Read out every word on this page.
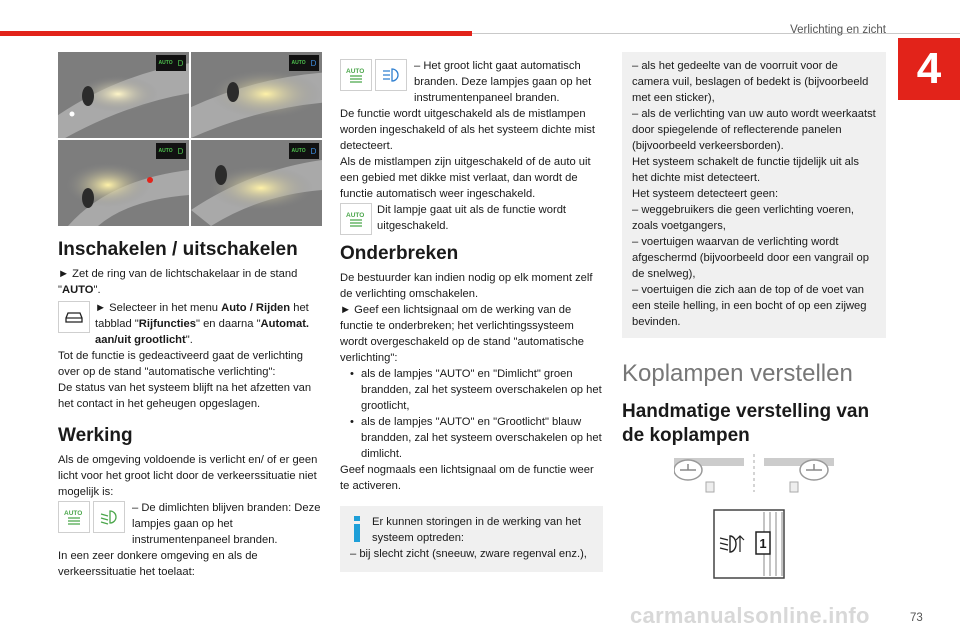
Verlichting en zicht
4
AUTO D	AUTO D
AUTO D	AUTO D
Inschakelen / uitschakelen

► Zet de ring van de lichtschakelaar in de stand "AUTO".

► Selecteer in het menu Auto / Rijden het tabblad "Rijfuncties" en daarna "Automat. aan/uit grootlicht".

Tot de functie is gedeactiveerd gaat de verlichting over op de stand "automatische verlichting":

De status van het systeem blijft na het afzetten van het contact in het geheugen opgeslagen.

Werking

Als de omgeving voldoende is verlicht en/ of er geen licht voor het groot licht door de verkeerssituatie niet mogelijk is:

AUTO	– De dimlichten blijven branden: Deze lampjes gaan op het instrumentenpaneel branden.

In een zeer donkere omgeving en als de verkeerssituatie het toelaat:

AUTO	– Het groot licht gaat automatisch branden. Deze lampjes gaan op het instrumentenpaneel branden.

De functie wordt uitgeschakeld als de mistlampen worden ingeschakeld of als het systeem dichte mist detecteert.

Als de mistlampen zijn uitgeschakeld of de auto uit een gebied met dikke mist verlaat, dan wordt de functie automatisch weer ingeschakeld.

AUTO Dit lampje gaat uit als de functie wordt uitgeschakeld.

Onderbreken

De bestuurder kan indien nodig op elk moment zelf de verlichting omschakelen.

► Geef een lichtsignaal om de werking van de functie te onderbreken; het verlichtingssysteem wordt overgeschakeld op de stand "automatische verlichting":

• als de lampjes "AUTO" en "Dimlicht" groen brandden, zal het systeem overschakelen op het grootlicht,
• als de lampjes "AUTO" en "Grootlicht" blauw brandden, zal het systeem overschakelen op het dimlicht.

Geef nogmaals een lichtsignaal om de functie weer te activeren.

Er kunnen storingen in de werking van het systeem optreden:

– bij slecht zicht (sneeuw, zware regenval enz.),

– als het gedeelte van de voorruit voor de camera vuil, beslagen of bedekt is (bijvoorbeeld met een sticker),

– als de verlichting van uw auto wordt weerkaatst door spiegelende of reflecterende panelen (bijvoorbeeld verkeersborden).

Het systeem schakelt de functie tijdelijk uit als het dichte mist detecteert.

Het systeem detecteert geen:

– weggebruikers die geen verlichting voeren, zoals voetgangers,

– voertuigen waarvan de verlichting wordt afgeschermd (bijvoorbeeld door een vangrail op de snelweg),

– voertuigen die zich aan de top of de voet van een steile helling, in een bocht of op een zijweg bevinden.

Koplampen verstellen
Handmatige verstelling van de koplampen
1
carmanualsonline.info	73
